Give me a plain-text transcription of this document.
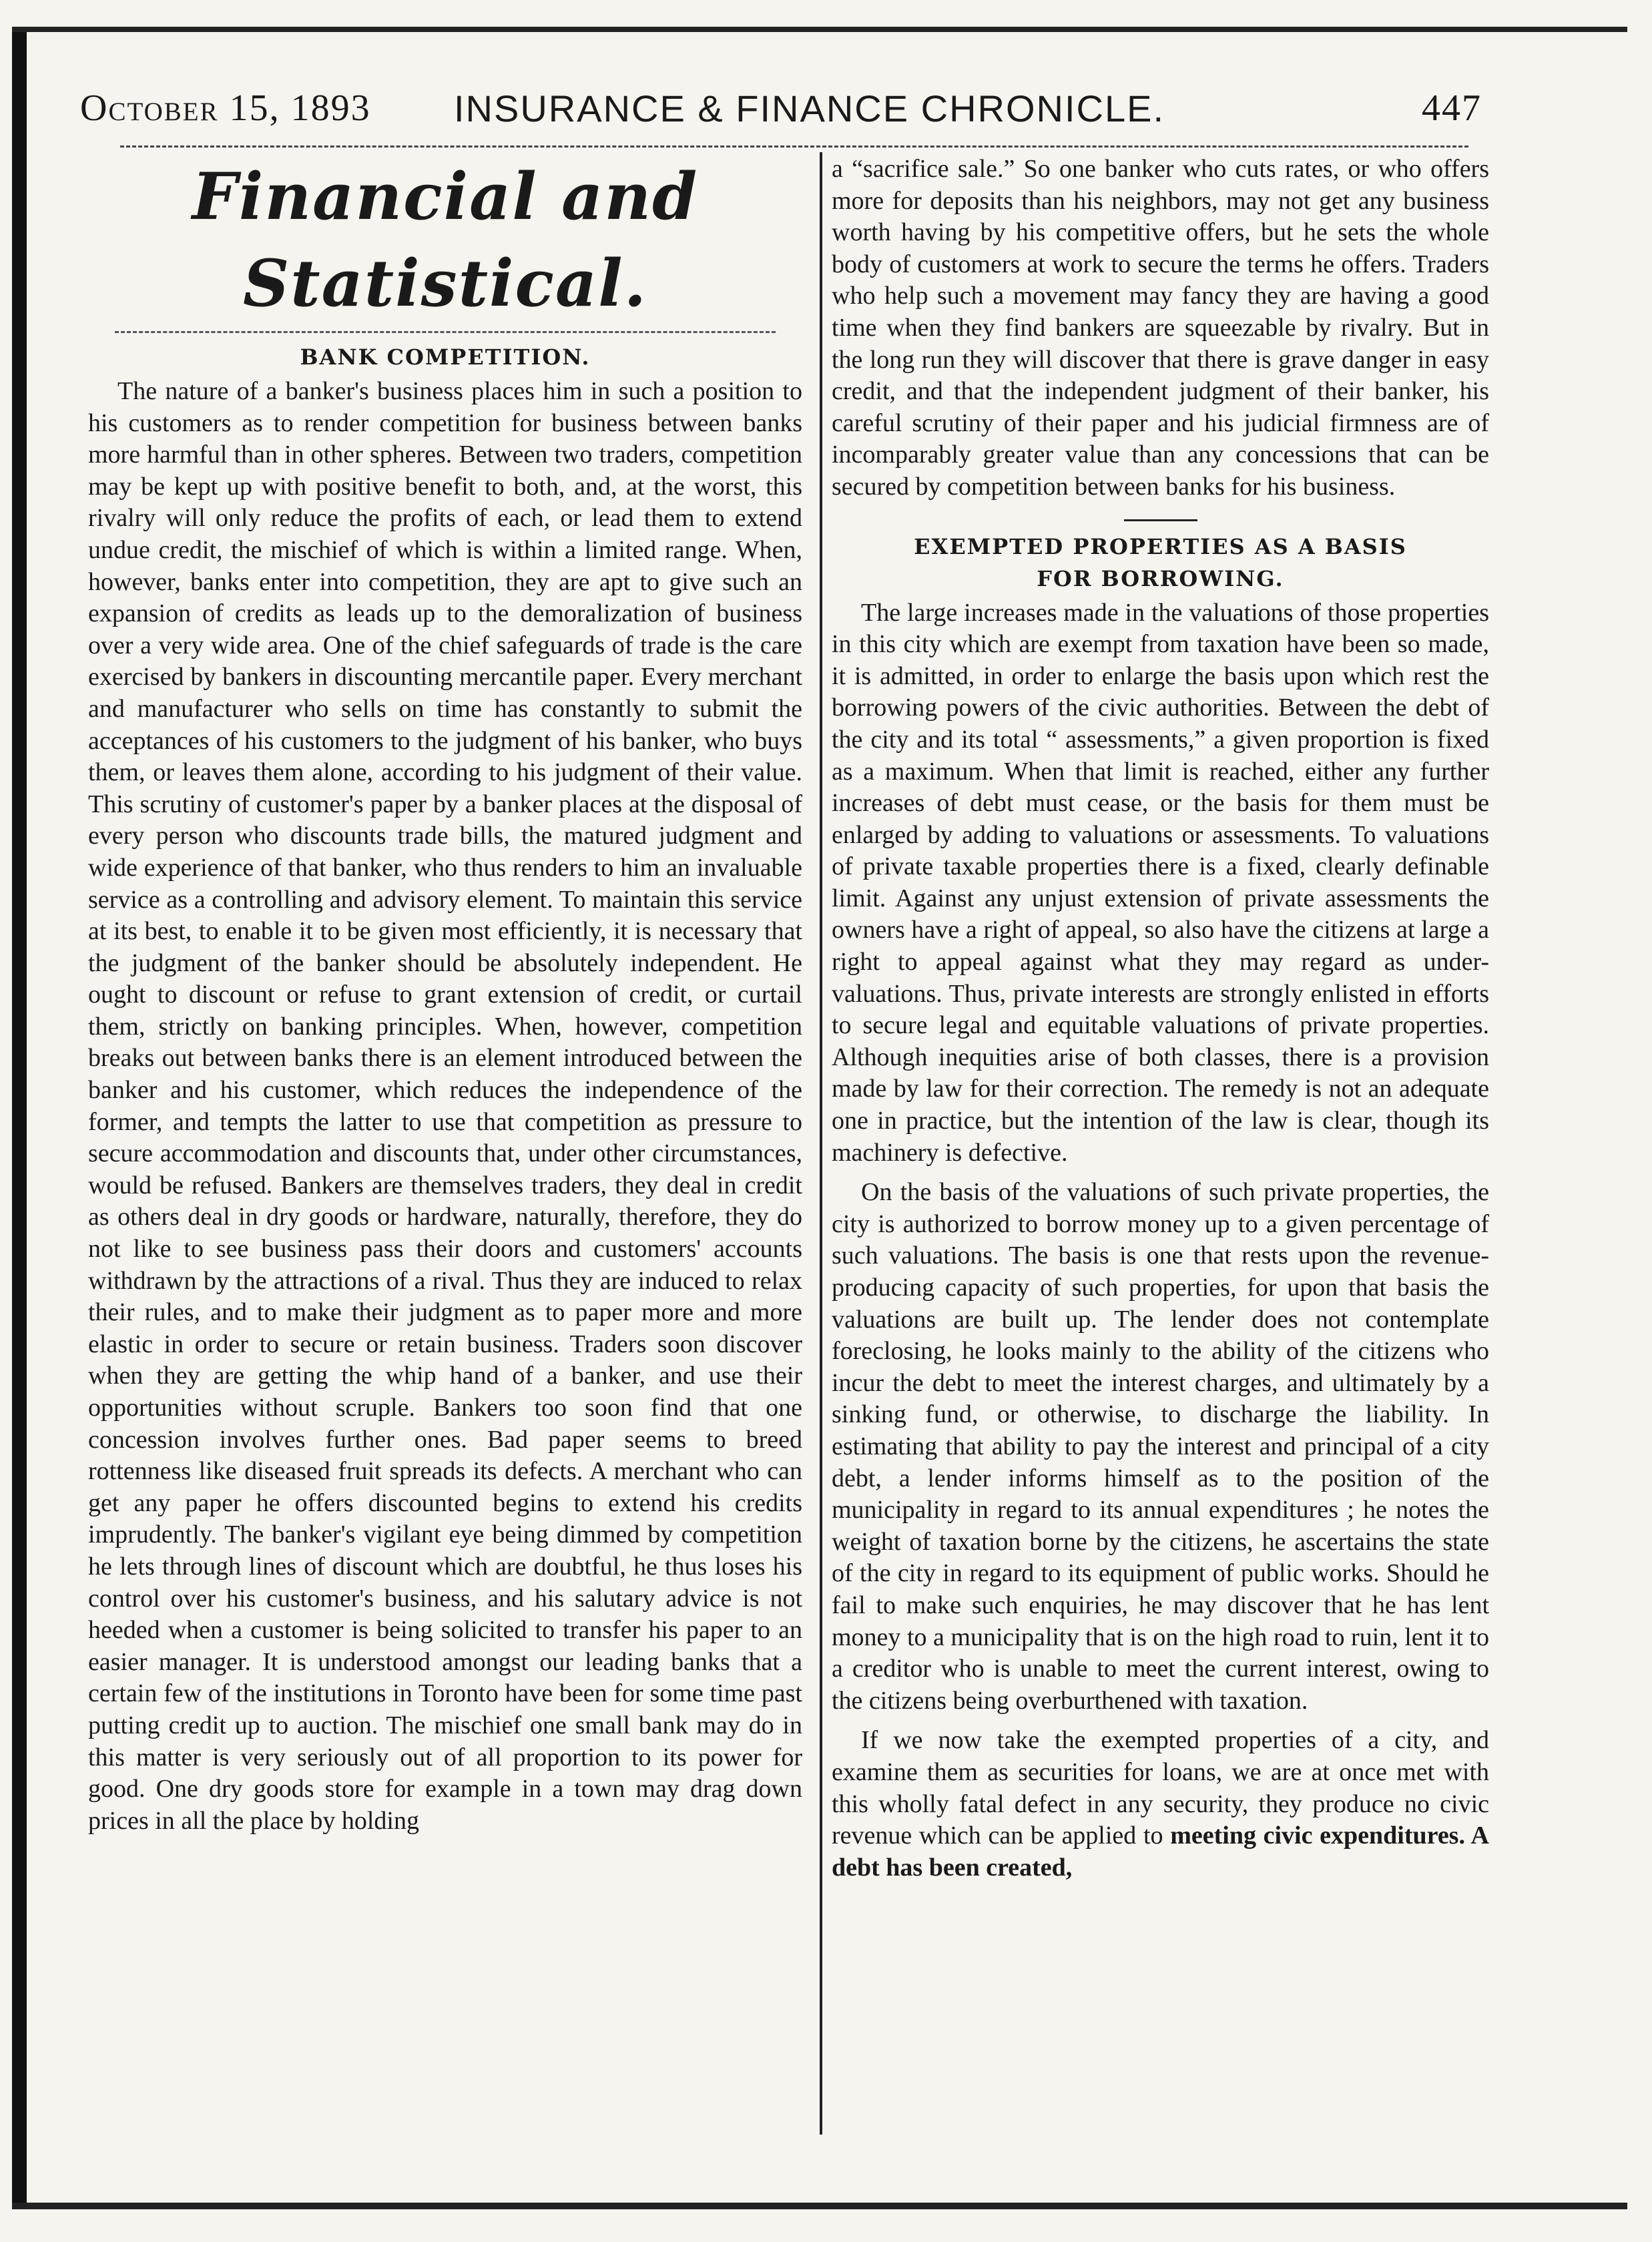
October 15, 1893 INSURANCE & FINANCE CHRONICLE.	447
Financial and Statistical.
BANK COMPETITION.

The nature of a banker's business places him in such a position to his customers as to render competition for business between banks more harmful than in other spheres. Between two traders, competition may be kept up with positive benefit to both, and, at the worst, this rivalry will only reduce the profits of each, or lead them to extend undue credit, the mischief of which is within a limited range. When, however, banks enter into competition, they are apt to give such an expansion of credits as leads up to the demoralization of business over a very wide area. One of the chief safeguards of trade is the care exercised by bankers in discounting mercantile paper. Every merchant and manufacturer who sells on time has constantly to submit the acceptances of his customers to the judgment of his banker, who buys them, or leaves them alone, according to his judgment of their value. This scrutiny of customer's paper by a banker places at the disposal of every person who discounts trade bills, the matured judgment and wide experience of that banker, who thus renders to him an invaluable service as a controlling and advisory element. To maintain this service at its best, to enable it to be given most efficiently, it is necessary that the judgment of the banker should be absolutely independent. He ought to discount or refuse to grant extension of credit, or curtail them, strictly on banking principles. When, however, competition breaks out between banks there is an element introduced between the banker and his customer, which reduces the independence of the former, and tempts the latter to use that competition as pressure to secure accommodation and discounts that, under other circumstances, would be refused. Bankers are themselves traders, they deal in credit as others deal in dry goods or hardware, naturally, therefore, they do not like to see business pass their doors and customers' accounts withdrawn by the attractions of a rival. Thus they are induced to relax their rules, and to make their judgment as to paper more and more elastic in order to secure or retain business. Traders soon discover when they are getting the whip hand of a banker, and use their opportunities without scruple. Bankers too soon find that one concession involves further ones. Bad paper seems to breed rottenness like diseased fruit spreads its defects. A merchant who can get any paper he offers discounted begins to extend his credits imprudently. The banker's vigilant eye being dimmed by competition he lets through lines of discount which are doubtful, he thus loses his control over his customer's business, and his salutary advice is not heeded when a customer is being solicited to transfer his paper to an easier manager. It is understood amongst our leading banks that a certain few of the institutions in Toronto have been for some time past putting credit up to auction. The mischief one small bank may do in this matter is very seriously out of all proportion to its power for good. One dry goods store for example in a town may drag down prices in all the place by holding

a “sacrifice sale.” So one banker who cuts rates, or who offers more for deposits than his neighbors, may not get any business worth having by his competitive offers, but he sets the whole body of customers at work to secure the terms he offers. Traders who help such a movement may fancy they are having a good time when they find bankers are squeezable by rivalry. But in the long run they will discover that there is grave danger in easy credit, and that the independent judgment of their banker, his careful scrutiny of their paper and his judicial firmness are of incomparably greater value than any concessions that can be secured by competition between banks for his business.

EXEMPTED PROPERTIES AS A BASIS
FOR BORROWING.

The large increases made in the valuations of those properties in this city which are exempt from taxation have been so made, it is admitted, in order to enlarge the basis upon which rest the borrowing powers of the civic authorities. Between the debt of the city and its total “ assessments,” a given proportion is fixed as a maximum. When that limit is reached, either any further increases of debt must cease, or the basis for them must be enlarged by adding to valuations or assessments. To valuations of private taxable properties there is a fixed, clearly definable limit. Against any unjust extension of private assessments the owners have a right of appeal, so also have the citizens at large a right to appeal against what they may regard as under-valuations. Thus, private interests are strongly enlisted in efforts to secure legal and equitable valuations of private properties. Although inequities arise of both classes, there is a provision made by law for their correction. The remedy is not an adequate one in practice, but the intention of the law is clear, though its machinery is defective.

On the basis of the valuations of such private properties, the city is authorized to borrow money up to a given percentage of such valuations. The basis is one that rests upon the revenue-producing capacity of such properties, for upon that basis the valuations are built up. The lender does not contemplate foreclosing, he looks mainly to the ability of the citizens who incur the debt to meet the interest charges, and ultimately by a sinking fund, or otherwise, to discharge the liability. In estimating that ability to pay the interest and principal of a city debt, a lender informs himself as to the position of the municipality in regard to its annual expenditures ; he notes the weight of taxation borne by the citizens, he ascertains the state of the city in regard to its equipment of public works. Should he fail to make such enquiries, he may discover that he has lent money to a municipality that is on the high road to ruin, lent it to a creditor who is unable to meet the current interest, owing to the citizens being overburthened with taxation.

If we now take the exempted properties of a city, and examine them as securities for loans, we are at once met with this wholly fatal defect in any security, they produce no civic revenue which can be applied to meeting civic expenditures. A debt has been created,
